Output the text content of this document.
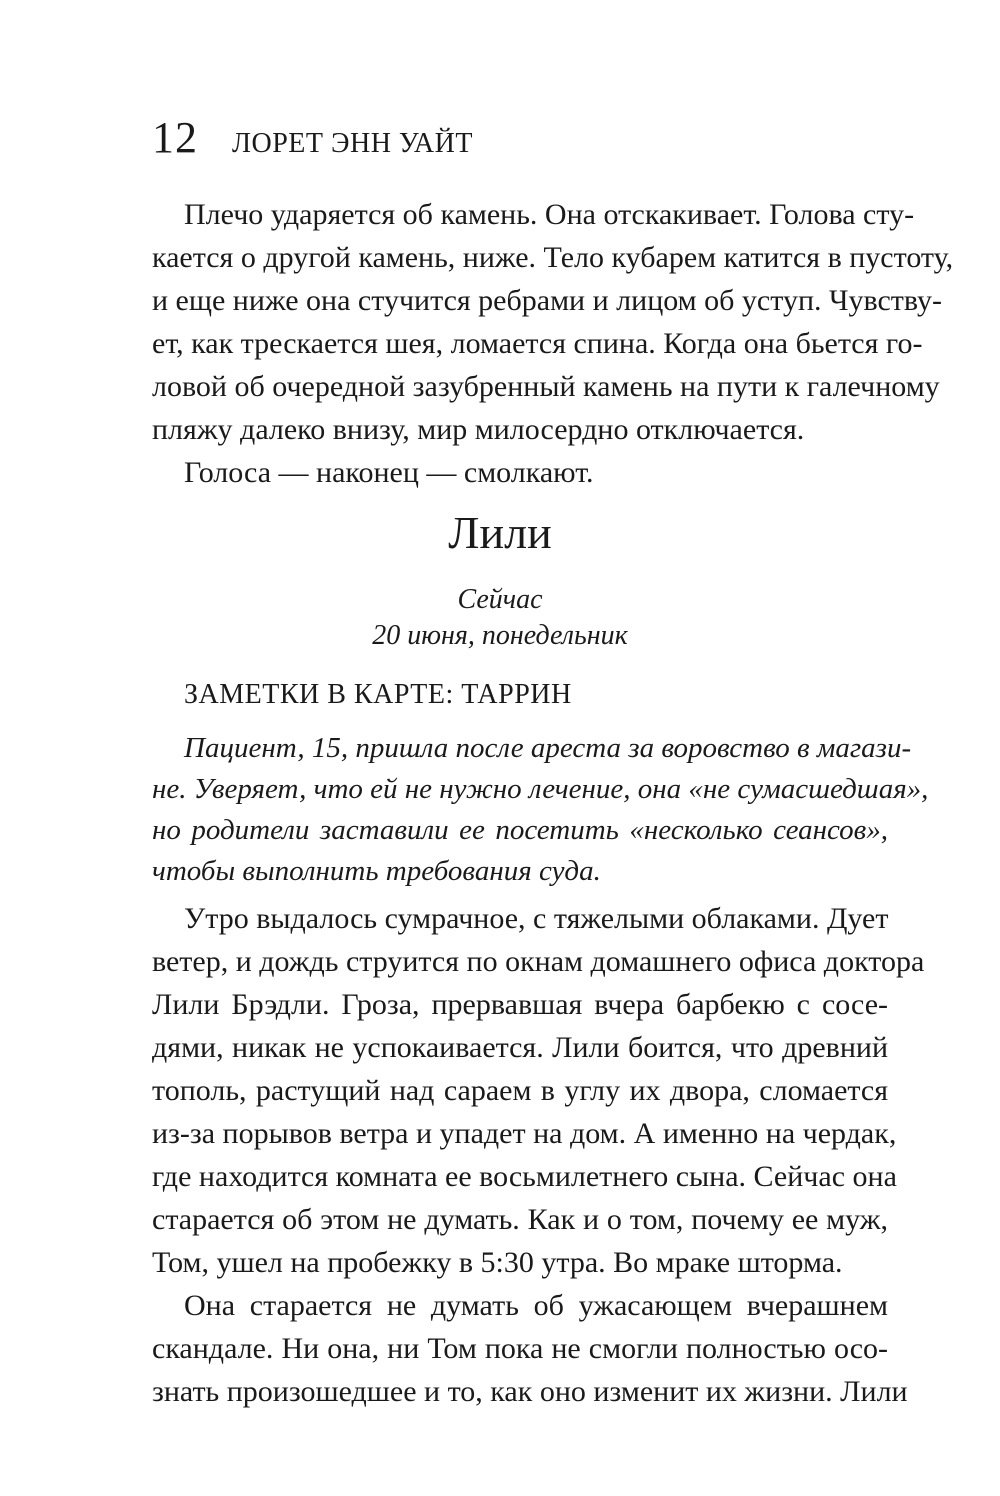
12 ЛОРЕТ ЭНН УАЙТ
Плечо ударяется об камень. Она отскакивает. Голова сту-
кается о другой камень, ниже. Тело кубарем катится в пустоту,
и еще ниже она стучится ребрами и лицом об уступ. Чувству-
ет, как трескается шея, ломается спина. Когда она бьется го-
ловой об очередной зазубренный камень на пути к галечному
пляжу далеко внизу, мир милосердно отключается.
Голоса — наконец — смолкают.
Лили
Сейчас
20 июня, понедельник
ЗАМЕТКИ В КАРТЕ: ТАРРИН
Пациент, 15, пришла после ареста за воровство в магази-
не. Уверяет, что ей не нужно лечение, она «не сумасшедшая»,
но родители заставили ее посетить «несколько сеансов»,
чтобы выполнить требования суда.
Утро выдалось сумрачное, с тяжелыми облаками. Дует
ветер, и дождь струится по окнам домашнего офиса доктора
Лили Брэдли. Гроза, прервавшая вчера барбекю с сосе-
дями, никак не успокаивается. Лили боится, что древний
тополь, растущий над сараем в углу их двора, сломается
из-за порывов ветра и упадет на дом. А именно на чердак,
где находится комната ее восьмилетнего сына. Сейчас она
старается об этом не думать. Как и о том, почему ее муж,
Том, ушел на пробежку в 5:30 утра. Во мраке шторма.
Она старается не думать об ужасающем вчерашнем
скандале. Ни она, ни Том пока не смогли полностью осо-
знать произошедшее и то, как оно изменит их жизни. Лили
